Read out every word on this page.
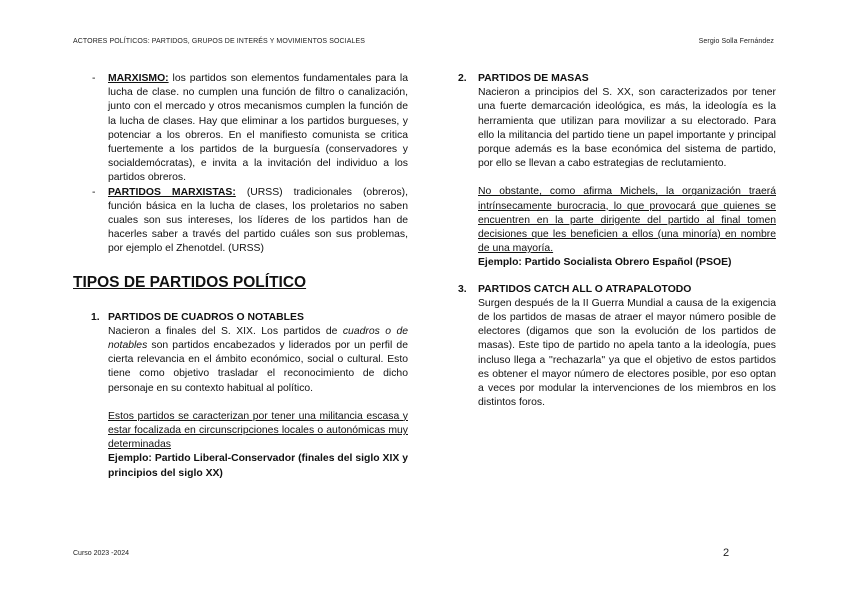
ACTORES POLÍTICOS: PARTIDOS, GRUPOS DE INTERÉS Y MOVIMIENTOS SOCIALES	Sergio Solla Fernández
- MARXISMO: los partidos son elementos fundamentales para la lucha de clase. no cumplen una función de filtro o canalización, junto con el mercado y otros mecanismos cumplen la función de la lucha de clases. Hay que eliminar a los partidos burgueses, y potenciar a los obreros. En el manifiesto comunista se critica fuertemente a los partidos de la burguesía (conservadores y socialdemócratas), e invita a la invitación del individuo a los partidos obreros.
- PARTIDOS MARXISTAS: (URSS) tradicionales (obreros), función básica en la lucha de clases, los proletarios no saben cuales son sus intereses, los líderes de los partidos han de hacerles saber a través del partido cuáles son sus problemas, por ejemplo el Zhenotdel. (URSS)
TIPOS DE PARTIDOS POLÍTICO
1. PARTIDOS DE CUADROS O NOTABLES
Nacieron a finales del S. XIX. Los partidos de cuadros o de notables son partidos encabezados y liderados por un perfil de cierta relevancia en el ámbito económico, social o cultural. Esto tiene como objetivo trasladar el reconocimiento de dicho personaje en su contexto habitual al político.
Estos partidos se caracterizan por tener una militancia escasa y estar focalizada en circunscripciones locales o autonómicas muy determinadas
Ejemplo: Partido Liberal-Conservador (finales del siglo XIX y principios del siglo XX)
2. PARTIDOS DE MASAS
Nacieron a principios del S. XX, son caracterizados por tener una fuerte demarcación ideológica, es más, la ideología es la herramienta que utilizan para movilizar a su electorado. Para ello la militancia del partido tiene un papel importante y principal porque además es la base económica del sistema de partido, por ello se llevan a cabo estrategias de reclutamiento.
No obstante, como afirma Michels, la organización traerá intrínsecamente burocracia, lo que provocará que quienes se encuentren en la parte dirigente del partido al final tomen decisiones que les beneficien a ellos (una minoría) en nombre de una mayoría.
Ejemplo: Partido Socialista Obrero Español (PSOE)
3. PARTIDOS CATCH ALL O ATRAPALOTODO
Surgen después de la II Guerra Mundial a causa de la exigencia de los partidos de masas de atraer el mayor número posible de electores (digamos que son la evolución de los partidos de masas). Este tipo de partido no apela tanto a la ideología, pues incluso llega a ''rechazarla'' ya que el objetivo de estos partidos es obtener el mayor número de electores posible, por eso optan a veces por modular la intervenciones de los miembros en los distintos foros.
Curso 2023 -2024	2
